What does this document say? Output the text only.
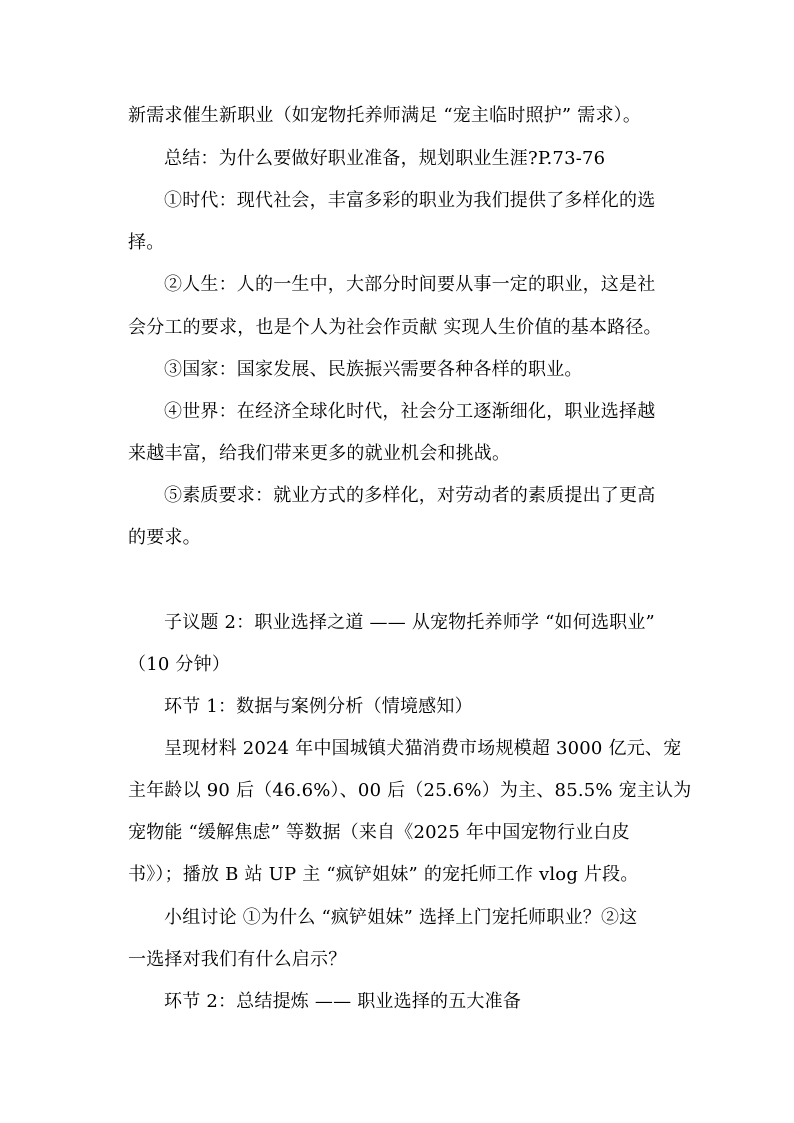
新需求催生新职业（如宠物托养师满足 “宠主临时照护” 需求）。
总结：为什么要做好职业准备，规划职业生涯?P.73-76
①时代：现代社会，丰富多彩的职业为我们提供了多样化的选
择。
②人生：人的一生中，大部分时间要从事一定的职业，这是社
会分工的要求，也是个人为社会作贡献 实现人生价值的基本路径。
③国家：国家发展、民族振兴需要各种各样的职业。
④世界：在经济全球化时代，社会分工逐渐细化，职业选择越
来越丰富，给我们带来更多的就业机会和挑战。
⑤素质要求：就业方式的多样化，对劳动者的素质提出了更高
的要求。
子议题 2：职业选择之道 —— 从宠物托养师学 “如何选职业”
（10 分钟）
环节 1：数据与案例分析（情境感知）
呈现材料 2024 年中国城镇犬猫消费市场规模超 3000 亿元、宠
主年龄以 90 后（46.6%）、00 后（25.6%）为主、85.5% 宠主认为
宠物能 “缓解焦虑” 等数据（来自《2025 年中国宠物行业白皮
书》）；播放 B 站 UP 主 “疯铲姐妹” 的宠托师工作 vlog 片段。
小组讨论 ①为什么 “疯铲姐妹” 选择上门宠托师职业？②这
一选择对我们有什么启示？
环节 2：总结提炼 —— 职业选择的五大准备
